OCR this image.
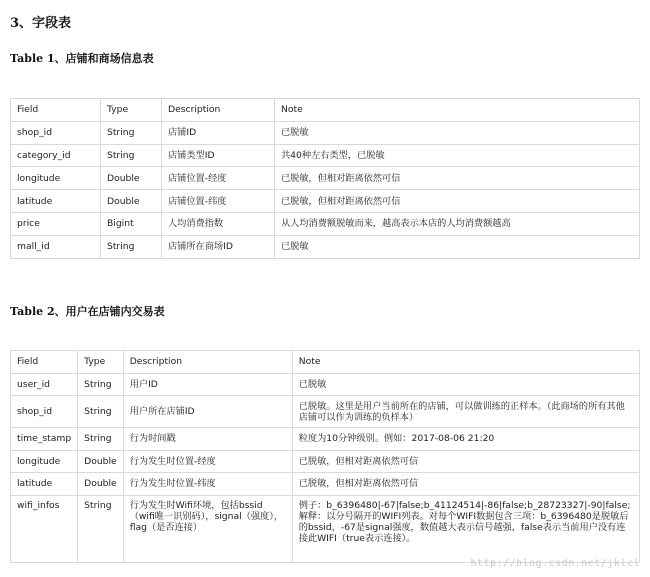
3、字段表
Table 1、店铺和商场信息表
Field	Type	Description	Note
shop_id	String	店铺ID	已脱敏
category_id	String	店铺类型ID	共40种左右类型，已脱敏
longitude	Double	店铺位置-经度	已脱敏，但相对距离依然可信
latitude	Double	店铺位置-纬度	已脱敏，但相对距离依然可信
price	Bigint	人均消费指数	从人均消费额脱敏而来，越高表示本店的人均消费额越高
mall_id	String	店铺所在商场ID	已脱敏
Table 2、用户在店铺内交易表
Field	Type	Description	Note
user_id	String	用户ID	已脱敏
shop_id	String	用户所在店铺ID	已脱敏。这里是用户当前所在的店铺，可以做训练的正样本。（此商场的所有其他店铺可以作为训练的负样本）
time_stamp	String	行为时间戳	粒度为10分钟级别。例如：2017-08-06 21:20
longitude	Double	行为发生时位置-经度	已脱敏，但相对距离依然可信
latitude	Double	行为发生时位置-纬度	已脱敏，但相对距离依然可信
wifi_infos	String	行为发生时Wifi环境，包括bssid（wifi唯一识别码），signal（强度），flag（是否连接）	例子：b_6396480|-67|false;b_41124514|-86|false;b_28723327|-90|false;解释：以分号隔开的WIFI列表。对每个WIFI数据包含三项：b_6396480是脱敏后的bssid，-67是signal强度，数值越大表示信号越强，false表示当前用户没有连接此WIFI（true表示连接）。
http://blog.csdn.net/jklcl
